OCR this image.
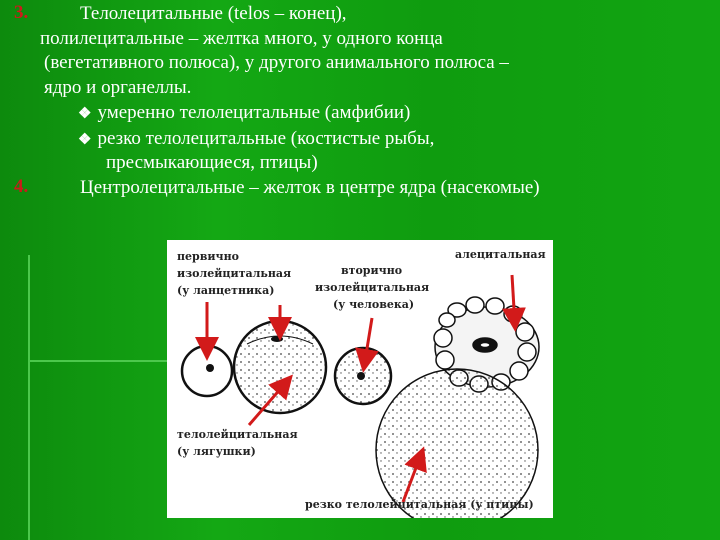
3.	Телолецитальные (telos – конец),
полилецитальные – желтка много, у одного конца
(вегетативного полюса), у другого анимального полюса –
ядро и органеллы.
❖ умеренно телолецитальные (амфибии)
❖ резко телолецитальные (костистые рыбы,
пресмыкающиеся, птицы)
4.	Центролецитальные – желток в центре ядра (насекомые)
первично
изолейцитальная
(у ланцетника)
вторично
изолейцитальная
(у человека)
алецитальная
телолейцитальная
(у лягушки)
резко телолейцитальная (у птицы)
